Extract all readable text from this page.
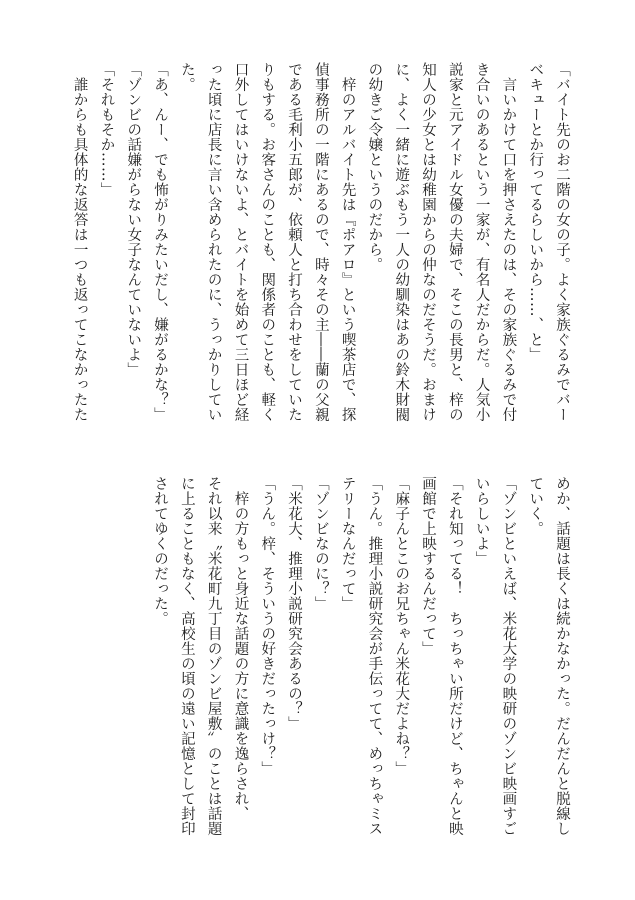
「バイト先のお二階の女の子。よく家族ぐるみでバー
ベキューとか行ってるらしいから……、と」
　言いかけて口を押さえたのは、その家族ぐるみで付
き合いのあるという一家が、有名人だからだ。人気小
説家と元アイドル女優の夫婦で、そこの長男と、梓の
知人の少女とは幼稚園からの仲なのだそうだ。おまけ
に、よく一緒に遊ぶもう一人の幼馴染はあの鈴木財閥
の幼きご令嬢というのだから。
　梓のアルバイト先は『ポアロ』という喫茶店で、探
偵事務所の一階にあるので、時々その主――蘭の父親
である毛利小五郎が、依頼人と打ち合わせをしていた
りもする。お客さんのことも、関係者のことも、軽く
口外してはいけないよ、とバイトを始めて三日ほど経
った頃に店長に言い含められたのに、うっかりしてい
た。
「あ、んー、でも怖がりみたいだし、嫌がるかな？」
「ゾンビの話嫌がらない女子なんていないよ」
「それもそか……」
　誰からも具体的な返答は一つも返ってこなかったた
めか、話題は長くは続かなかった。だんだんと脱線し
ていく。
「ゾンビといえば、米花大学の映研のゾンビ映画すご
いらしいよ」
「それ知ってる！　ちっちゃい所だけど、ちゃんと映
画館で上映するんだって」
「麻子んとこのお兄ちゃん米花大だよね？」
「うん。推理小説研究会が手伝ってて、めっちゃミス
テリーなんだって」
「ゾンビなのに？」
「米花大、推理小説研究会あるの？」
「うん。梓、そういうの好きだったっけ？」
　梓の方もっと身近な話題の方に意識を逸らされ、
それ以来〝米花町九丁目のゾンビ屋敷〟のことは話題
に上ることもなく、高校生の頃の遠い記憶として封印
されてゆくのだった。
